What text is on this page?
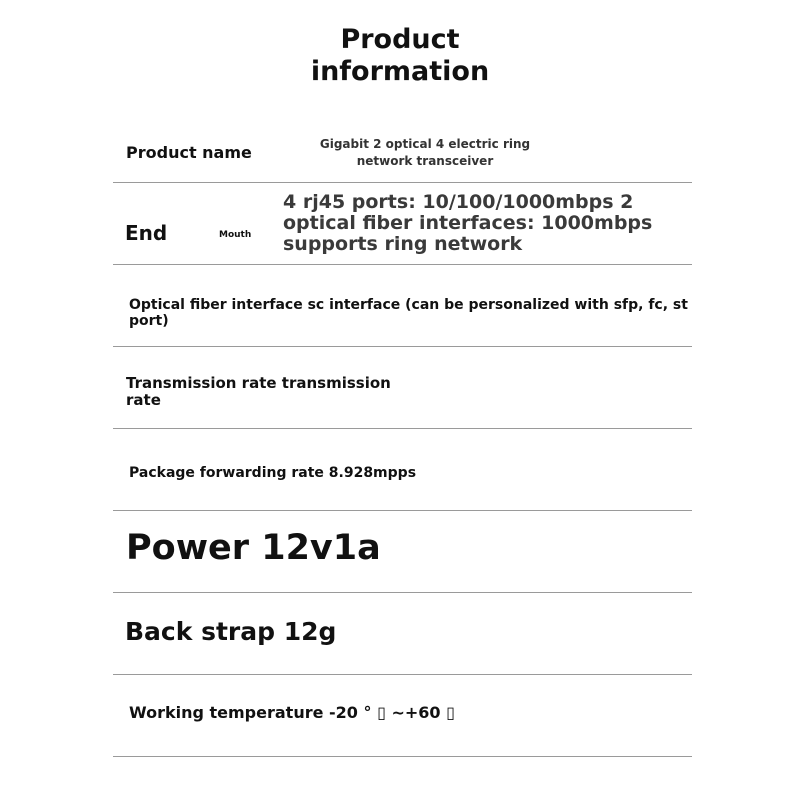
Product
information
Product name	Gigabit 2 optical 4 electric ring network transceiver
End	Mouth
4 rj45 ports: 10/100/1000mbps 2 optical fiber interfaces: 1000mbps supports ring network
Optical fiber interface sc interface (can be personalized with sfp, fc, st port)
Transmission rate transmission rate
Package forwarding rate 8.928mpps
Power 12v1a
Back strap 12g
Working temperature -20 ° ▯ ~+60 ▯
